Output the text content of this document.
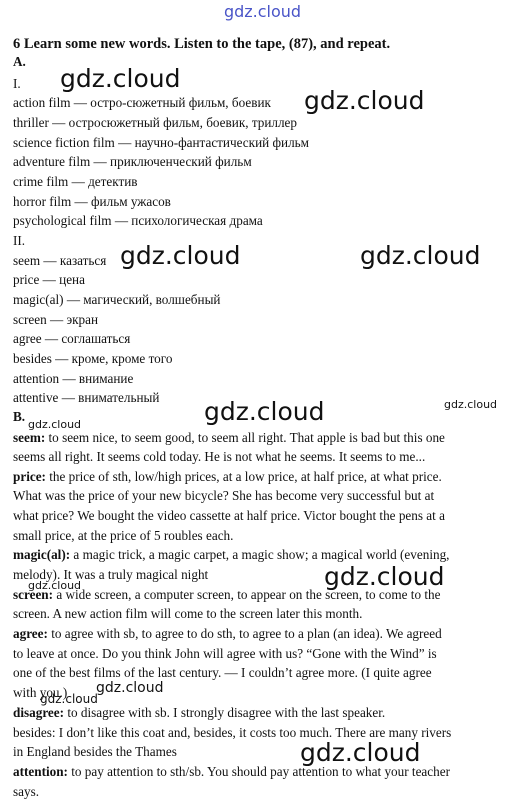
gdz.cloud
6 Learn some new words. Listen to the tape, (87), and repeat.
A.
I.
action film — остро-сюжетный фильм, боевик
thriller — остросюжетный фильм, боевик, триллер
science fiction film — научно-фантастический фильм
adventure film — приключенческий фильм
crime film — детектив
horror film — фильм ужасов
psychological film — психологическая драма
II.
seem — казаться
price — цена
magic(al) — магический, волшебный
screen — экран
agree — соглашаться
besides — кроме, кроме того
attention — внимание
attentive — внимательный
B.
seem: to seem nice, to seem good, to seem all right. That apple is bad but this one
seems all right. It seems cold today. He is not what he seems. It seems to me...
price: the price of sth, low/high prices, at a low price, at half price, at what price.
What was the price of your new bicycle? She has become very successful but at
what price? We bought the video cassette at half price. Victor bought the pens at a
small price, at the price of 5 roubles each.
magic(al): a magic trick, a magic carpet, a magic show; a magical world (evening,
melody). It was a truly magical night
screen: a wide screen, a computer screen, to appear on the screen, to come to the
screen. A new action film will come to the screen later this month.
agree: to agree with sb, to agree to do sth, to agree to a plan (an idea). We agreed
to leave at once. Do you think John will agree with us? “Gone with the Wind” is
one of the best films of the last century. — I couldn’t agree more. (I quite agree
with you.)
disagree: to disagree with sb. I strongly disagree with the last speaker.
besides: I don’t like this coat and, besides, it costs too much. There are many rivers
in England besides the Thames
attention: to pay attention to sth/sb. You should pay attention to what your teacher
says.
gdz.cloud
gdz.cloud
gdz.cloud	gdz.cloud
gdz.cloud	gdz.cloud
gdz.cloud
gdz.cloud
gdz.cloud
gdz.cloud
gdz.cloud
gdz.cloud
